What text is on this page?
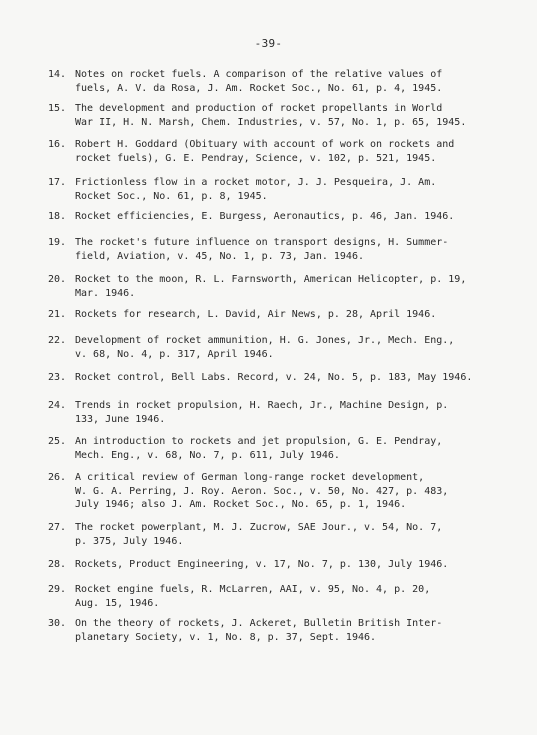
-39-
14. Notes on rocket fuels. A comparison of the relative values of
fuels, A. V. da Rosa, J. Am. Rocket Soc., No. 61, p. 4, 1945.
15. The development and production of rocket propellants in World
War II, H. N. Marsh, Chem. Industries, v. 57, No. 1, p. 65, 1945.
16. Robert H. Goddard (Obituary with account of work on rockets and
rocket fuels), G. E. Pendray, Science, v. 102, p. 521, 1945.
17. Frictionless flow in a rocket motor, J. J. Pesqueira, J. Am.
Rocket Soc., No. 61, p. 8, 1945.
18. Rocket efficiencies, E. Burgess, Aeronautics, p. 46, Jan. 1946.
19. The rocket's future influence on transport designs, H. Summer-
field, Aviation, v. 45, No. 1, p. 73, Jan. 1946.
20. Rocket to the moon, R. L. Farnsworth, American Helicopter, p. 19,
Mar. 1946.
21. Rockets for research, L. David, Air News, p. 28, April 1946.
22. Development of rocket ammunition, H. G. Jones, Jr., Mech. Eng.,
v. 68, No. 4, p. 317, April 1946.
23. Rocket control, Bell Labs. Record, v. 24, No. 5, p. 183, May 1946.
24. Trends in rocket propulsion, H. Raech, Jr., Machine Design, p.
133, June 1946.
25. An introduction to rockets and jet propulsion, G. E. Pendray,
Mech. Eng., v. 68, No. 7, p. 611, July 1946.
26. A critical review of German long-range rocket development,
W. G. A. Perring, J. Roy. Aeron. Soc., v. 50, No. 427, p. 483,
July 1946; also J. Am. Rocket Soc., No. 65, p. 1, 1946.
27. The rocket powerplant, M. J. Zucrow, SAE Jour., v. 54, No. 7,
p. 375, July 1946.
28. Rockets, Product Engineering, v. 17, No. 7, p. 130, July 1946.
29. Rocket engine fuels, R. McLarren, AAI, v. 95, No. 4, p. 20,
Aug. 15, 1946.
30. On the theory of rockets, J. Ackeret, Bulletin British Inter-
planetary Society, v. 1, No. 8, p. 37, Sept. 1946.
